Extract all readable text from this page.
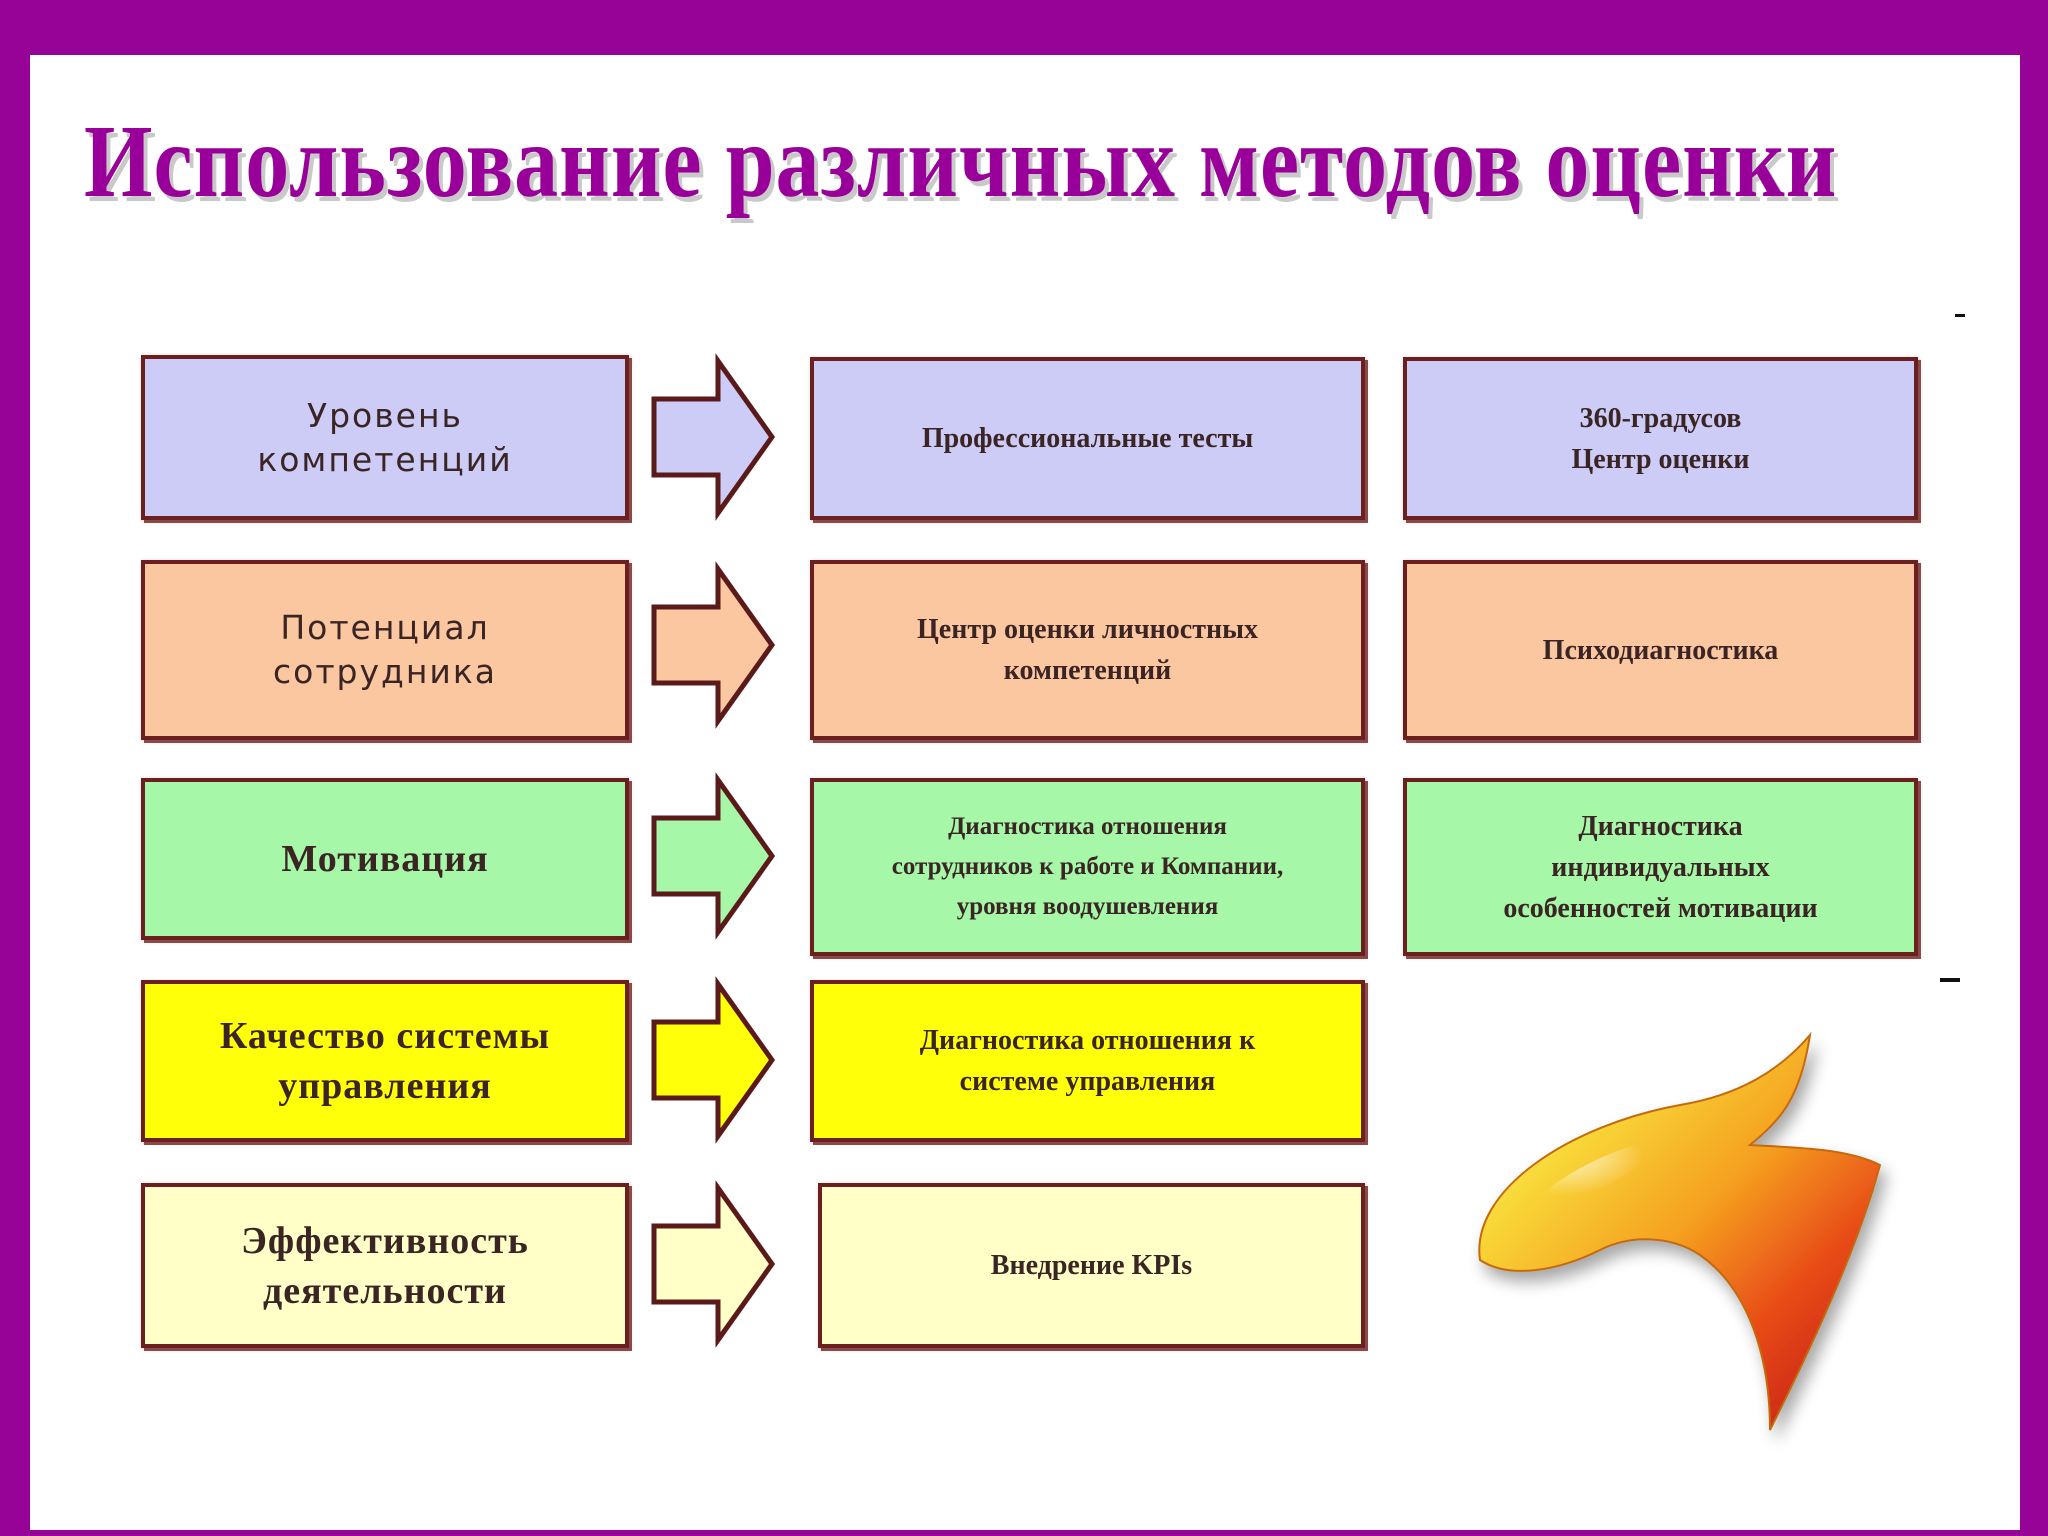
Использование различных методов оценки
Уровень
компетенций
Профессиональные тесты
360-градусов
Центр оценки
Потенциал
сотрудника
Центр оценки личностных
компетенций
Психодиагностика
Мотивация
Диагностика отношения
сотрудников к работе и Компании,
уровня воодушевления
Диагностика
индивидуальных
особенностей мотивации
Качество системы
управления
Диагностика отношения к
системе управления
Эффективность
деятельности
Внедрение KPIs
